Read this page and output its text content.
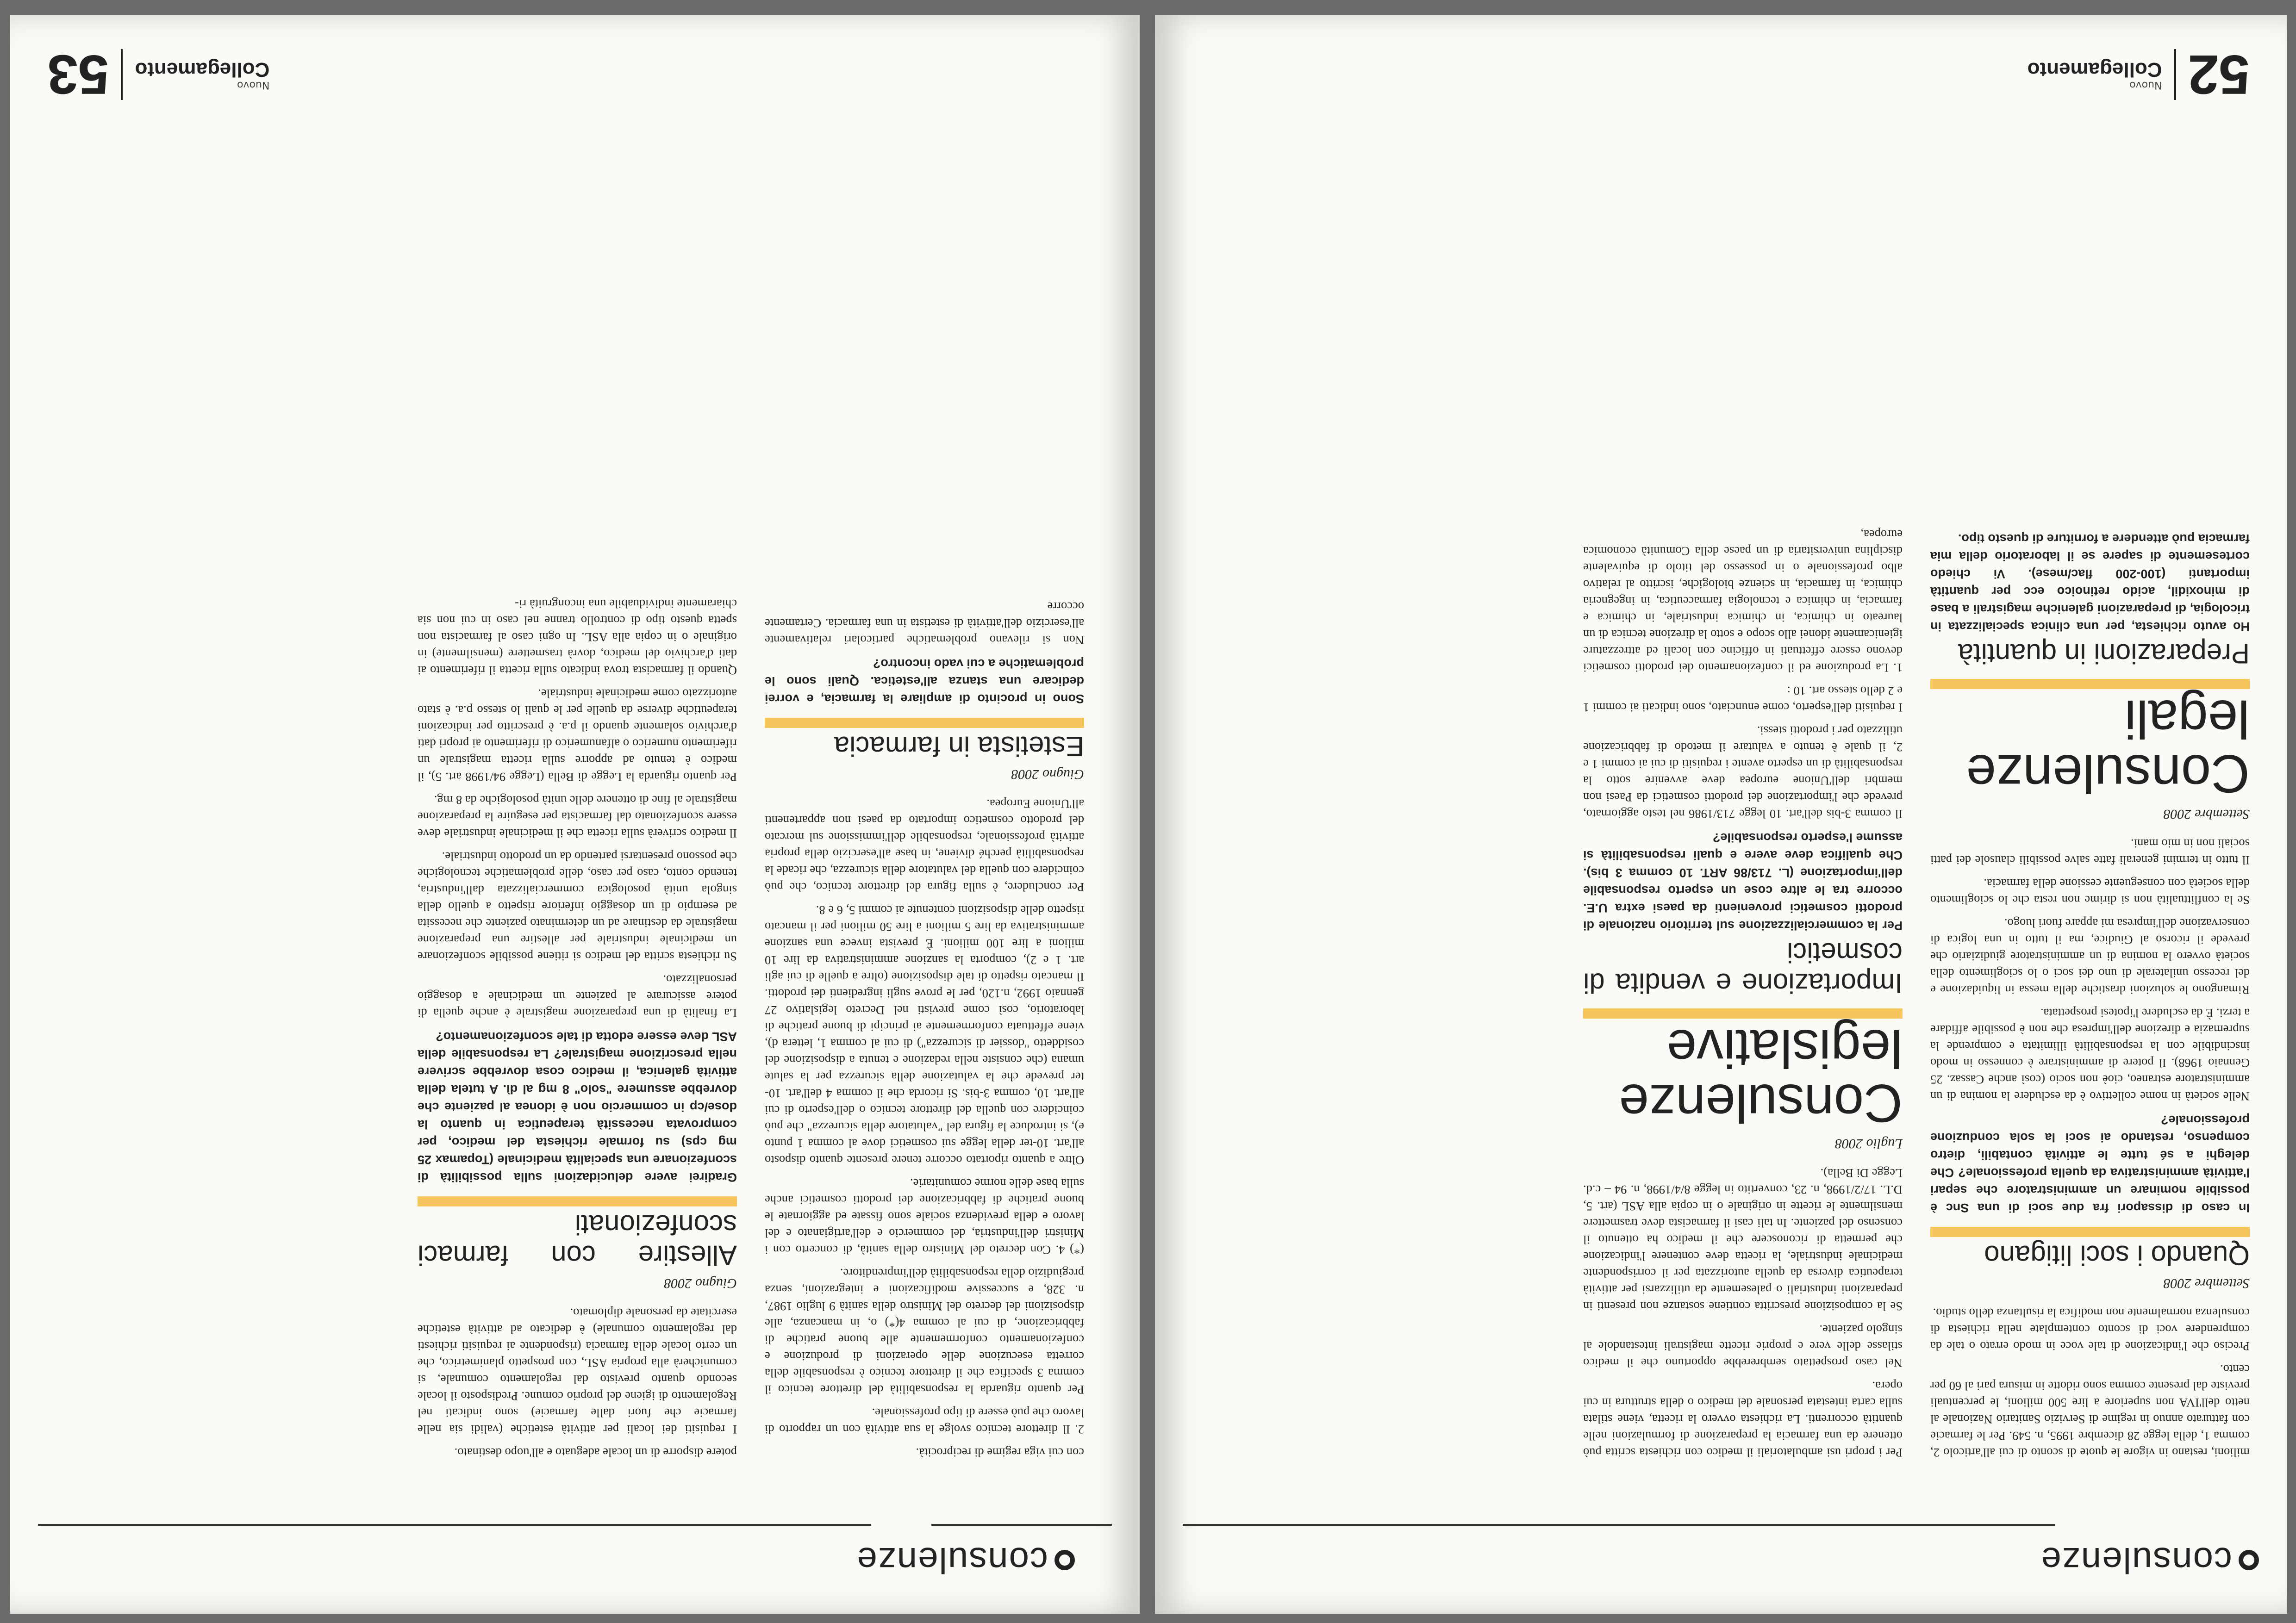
consulenze

milioni, restano in vigore le quote di sconto di cui all'articolo 2, comma 1, della legge 28 dicembre 1995, n. 549. Per le farmacie con fatturato annuo in regime di Servizio Sanitario Nazionale al netto dell'IVA non superiore a lire 500 milioni, le percentuali previste dal presente comma sono ridotte in misura pari al 60 per cento.

Preciso che l'indicazione di tale voce in modo errato o tale da comprendere voci di sconto contemplate nella richiesta di consulenza normalmente non modifica la risultanza dello studio.

Settembre 2008
Quando i soci litigano

In caso di dissapori fra due soci di una Snc è possibile nominare un amministratore che separi l'attività amministrativa da quella professionale? Che deleghi a sé tutte le attività contabili, dietro compenso, restando ai soci la sola conduzione professionale?

Nelle società in nome collettivo è da escludere la nomina di un amministratore estraneo, cioè non socio (così anche Cassaz. 25 Gennaio 1968). Il potere di amministrare è connesso in modo inscindibile con la responsabilità illimitata e comprende la supremazia e direzione dell'impresa che non è possibile affidare a terzi. È da escludere l'ipotesi prospettata.

Rimangono le soluzioni drastiche della messa in liquidazione e del recesso unilaterale di uno dei soci o lo scioglimento della società ovvero la nomina di un amministratore giudiziario che prevede il ricorso al Giudice, ma il tutto in una logica di conservazione dell'impresa mi appare fuori luogo.

Se la conflittualità non si dirime non resta che lo scioglimento della società con conseguente cessione della farmacia.

Il tutto in termini generali fatte salve possibili clausole dei patti sociali non in mio mani.

Settembre 2008
Consulenze legali
Preparazioni in quantità

Ho avuto richiesta, per una clinica specializzata in tricologia, di preparazioni galeniche magistrali a base di minoxidil, acido retinoico ecc per quantità importanti (100-200 flac/mese). Vi chiedo cortesemente di sapere se il laboratorio della mia farmacia può attendere a forniture di questo tipo.

Per i propri usi ambulatoriali il medico con richiesta scritta può ottenere da una farmacia la preparazione di formulazioni nelle quantità occorrenti. La richiesta ovvero la ricetta, viene stilata sulla carta intestata personale del medico o della struttura in cui opera.

Nel caso prospettato sembrerebbe opportuno che il medico stilasse delle vere e proprie ricette magistrali intestandole al singolo paziente.

Se la composizione prescritta contiene sostanze non presenti in preparazioni industriali o palesemente da utilizzarsi per attività terapeutica diversa da quella autorizzata per il corrispondente medicinale industriale, la ricetta deve contenere l'indicazione che permetta di riconoscere che il medico ha ottenuto il consenso del paziente. In tali casi il farmacista deve trasmettere mensilmente le ricette in originale o in copia alla ASL (art. 5, D.L. 17/2/1998, n. 23, convertito in legge 8/4/1998, n. 94 – c.d. Legge Di Bella).

Luglio 2008
Consulenze legislative
Importazione e vendita di cosmetici

Per la commercializzazione sul territorio nazionale di prodotti cosmetici provenienti da paesi extra U.E. occorre tra le altre cose un esperto responsabile dell'importazione (L. 713/86 ART. 10 comma 3 bis). Che qualifica deve avere e quali responsabilità si assume l'esperto responsabile?

Il comma 3-bis dell'art. 10 legge 713/1986 nel testo aggiornato, prevede che l'importazione dei prodotti cosmetici da Paesi non membri dell'Unione europea deve avvenire sotto la responsabilità di un esperto avente i requisiti di cui ai commi 1 e 2, il quale è tenuto a valutare il metodo di fabbricazione utilizzato per i prodotti stessi.

I requisiti dell'esperto, come enunciato, sono indicati ai commi 1 e 2 dello stesso art. 10 :

1. La produzione ed il confezionamento dei prodotti cosmetici devono essere effettuati in officine con locali ed attrezzature igienicamente idonei allo scopo e sotto la direzione tecnica di un laureato in chimica, in chimica industriale, in chimica e farmacia, in chimica e tecnologia farmaceutica, in ingegneria chimica, in farmacia, in scienze biologiche, iscritto al relativo albo professionale o in possesso del titolo di equivalente disciplina universitaria di un paese della Comunità economica europea,

52
Nuovo
Collegamento
consulenze

con cui viga regime di reciprocità.

2. Il direttore tecnico svolge la sua attività con un rapporto di lavoro che può essere di tipo professionale.

Per quanto riguarda la responsabilità del direttore tecnico il comma 3 specifica che il direttore tecnico è responsabile della corretta esecuzione delle operazioni di produzione e confezionamento conformemente alle buone pratiche di fabbricazione, di cui al comma 4(*) o, in mancanza, alle disposizioni del decreto del Ministro della sanità 9 luglio 1987, n. 328, e successive modificazioni e integrazioni, senza pregiudizio della responsabilità dell'imprenditore.

(*) 4. Con decreto del Ministro della sanità, di concerto con i Ministri dell'industria, del commercio e dell'artigianato e del lavoro e della previdenza sociale sono fissate ed aggiornate le buone pratiche di fabbricazione dei prodotti cosmetici anche sulla base delle norme comunitarie.

Oltre a quanto riportato occorre tenere presente quanto disposto all'art. 10-ter della legge sui cosmetici dove al comma 1 punto e), si introduce la figura del "valutatore della sicurezza" che può coincidere con quella del direttore tecnico o dell'esperto di cui all'art. 10, comma 3-bis. Si ricorda che il comma 4 dell'art. 10-ter prevede che la valutazione della sicurezza per la salute umana (che consiste nella redazione e tenuta a disposizione del cosiddetto "dossier di sicurezza") di cui al comma 1, lettera d), viene effettuata conformemente ai principi di buone pratiche di laboratorio, così come previsti nel Decreto legislativo 27 gennaio 1992, n.120, per le prove sugli ingredienti dei prodotti. Il mancato rispetto di tale disposizione (oltre a quelle di cui agli art. 1 e 2), comporta la sanzione amministrativa da lire 10 milioni a lire 100 milioni. È prevista invece una sanzione amministrativa da lire 5 milioni a lire 50 milioni per il mancato rispetto delle disposizioni contenute ai commi 5, 6 e 8.

Per concludere, è sulla figura del direttore tecnico, che può coincidere con quella del valutatore della sicurezza, che ricade la responsabilità perché diviene, in base all'esercizio della propria attività professionale, responsabile dell'immissione sul mercato del prodotto cosmetico importato da paesi non appartenenti all'Unione Europea.

Giugno 2008
Estetista in farmacia

Sono in procinto di ampliare la farmacia, e vorrei dedicare una stanza all'estetica. Quali sono le problematiche a cui vado incontro?

Non si rilevano problematiche particolari relativamente all'esercizio dell'attività di estetista in una farmacia. Certamente occorre

potere disporre di un locale adeguato e all'uopo destinato.

I requisiti dei locali per attività estetiche (validi sia nelle farmacie che fuori dalle farmacie) sono indicati nel Regolamento di igiene del proprio comune. Predisposto il locale secondo quanto previsto dal regolamento comunale, si comunicherà alla propria ASL, con prospetto planimetrico, che un certo locale della farmacia (rispondente ai requisiti richiesti dal regolamento comunale) è dedicato ad attività estetiche esercitate da personale diplomato.

Giugno 2008
Allestire con farmaci sconfezionati

Gradirei avere delucidazioni sulla possibilità di sconfezionare una specialità medicinale (Topamax 25 mg cps) su formale richiesta del medico, per comprovata necessità terapeutica in quanto la dose/cp in commercio non è idonea al paziente che dovrebbe assumere "solo" 8 mg al dì. A tutela della attività galenica, il medico cosa dovrebbe scrivere nella prescrizione magistrale? La responsabile della ASL deve essere edotta di tale sconfezionamento?

La finalità di una preparazione magistrale è anche quella di potere assicurare al paziente un medicinale a dosaggio personalizzato.

Su richiesta scritta del medico si ritiene possibile sconfezionare un medicinale industriale per allestire una preparazione magistrale da destinare ad un determinato paziente che necessita ad esempio di un dosaggio inferiore rispetto a quello della singola unità posologica commercializzata dall'industria, tenendo conto, caso per caso, delle problematiche tecnologiche che possono presentarsi partendo da un prodotto industriale.

Il medico scriverà sulla ricetta che il medicinale industriale deve essere sconfezionato dal farmacista per eseguire la preparazione magistrale al fine di ottenere delle unità posologiche da 8 mg.

Per quanto riguarda la Legge di Bella (Legge 94/1998 art. 5), il medico è tenuto ad apporre sulla ricetta magistrale un riferimento numerico o alfanumerico di riferimento ai propri dati d'archivio solamente quando il p.a. è prescritto per indicazioni terapeutiche diverse da quelle per le quali lo stesso p.a. è stato autorizzato come medicinale industriale.

Quando il farmacista trova indicato sulla ricetta il riferimento ai dati d'archivio del medico, dovrà trasmettere (mensilmente) in originale o in copia alla ASL. In ogni caso al farmacista non spetta questo tipo di controllo tranne nel caso in cui non sia chiaramente individuabile una incongruità ri-

Nuovo
Collegamento
53
